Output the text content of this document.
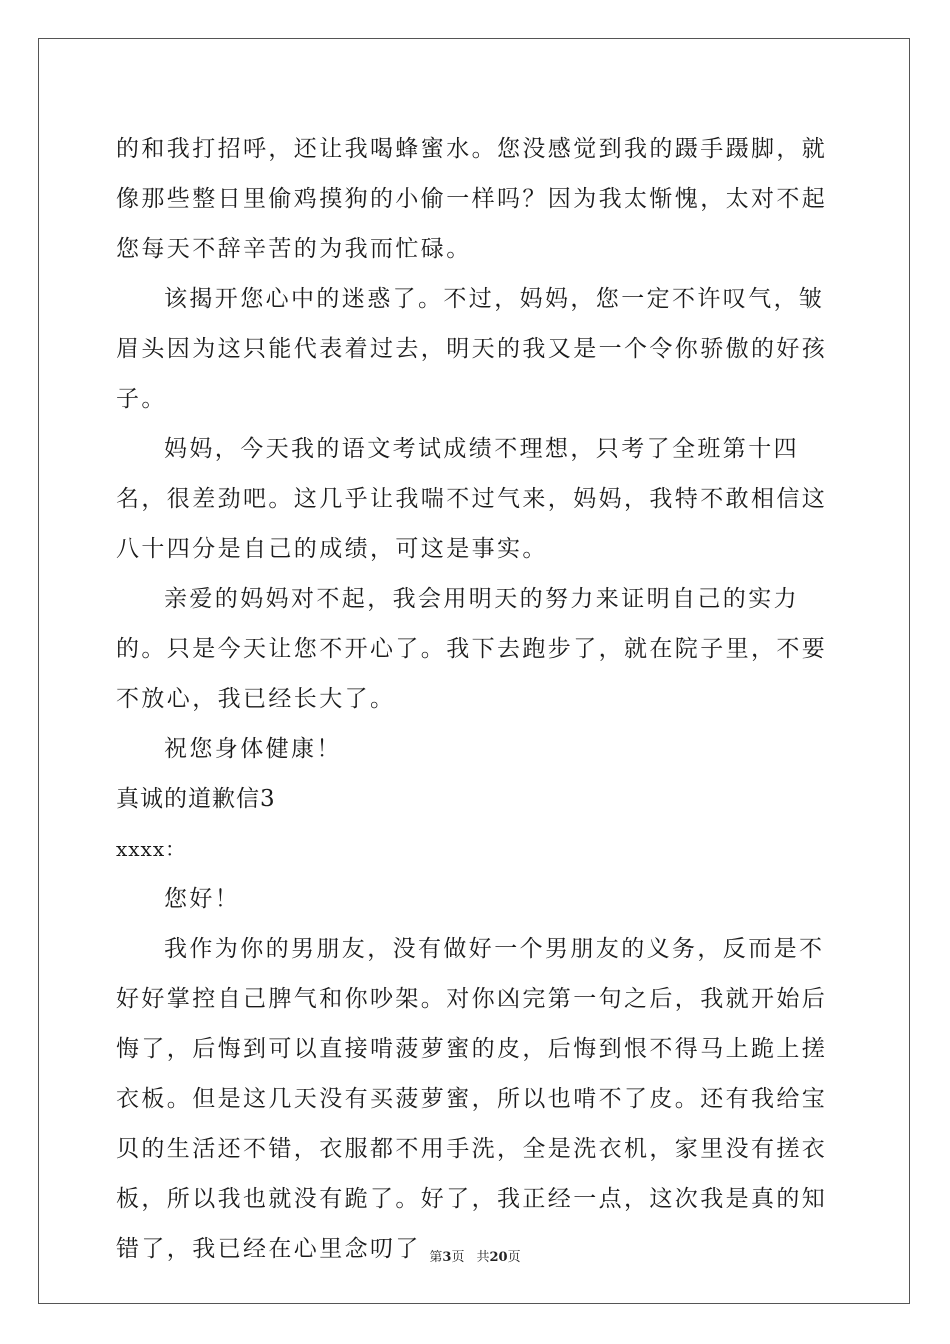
的和我打招呼，还让我喝蜂蜜水。您没感觉到我的蹑手蹑脚，就像那些整日里偷鸡摸狗的小偷一样吗？因为我太惭愧，太对不起您每天不辞辛苦的为我而忙碌。

该揭开您心中的迷惑了。不过，妈妈，您一定不许叹气，皱眉头因为这只能代表着过去，明天的我又是一个令你骄傲的好孩子。

妈妈，今天我的语文考试成绩不理想，只考了全班第十四名，很差劲吧。这几乎让我喘不过气来，妈妈，我特不敢相信这八十四分是自己的成绩，可这是事实。

亲爱的妈妈对不起，我会用明天的努力来证明自己的实力的。只是今天让您不开心了。我下去跑步了，就在院子里，不要不放心，我已经长大了。

祝您身体健康！

真诚的道歉信3

xxxx：

您好！

我作为你的男朋友，没有做好一个男朋友的义务，反而是不好好掌控自己脾气和你吵架。对你凶完第一句之后，我就开始后悔了，后悔到可以直接啃菠萝蜜的皮，后悔到恨不得马上跪上搓衣板。但是这几天没有买菠萝蜜，所以也啃不了皮。还有我给宝贝的生活还不错，衣服都不用手洗，全是洗衣机，家里没有搓衣板，所以我也就没有跪了。好了，我正经一点，这次我是真的知错了，我已经在心里念叨了 第3页 共20页
